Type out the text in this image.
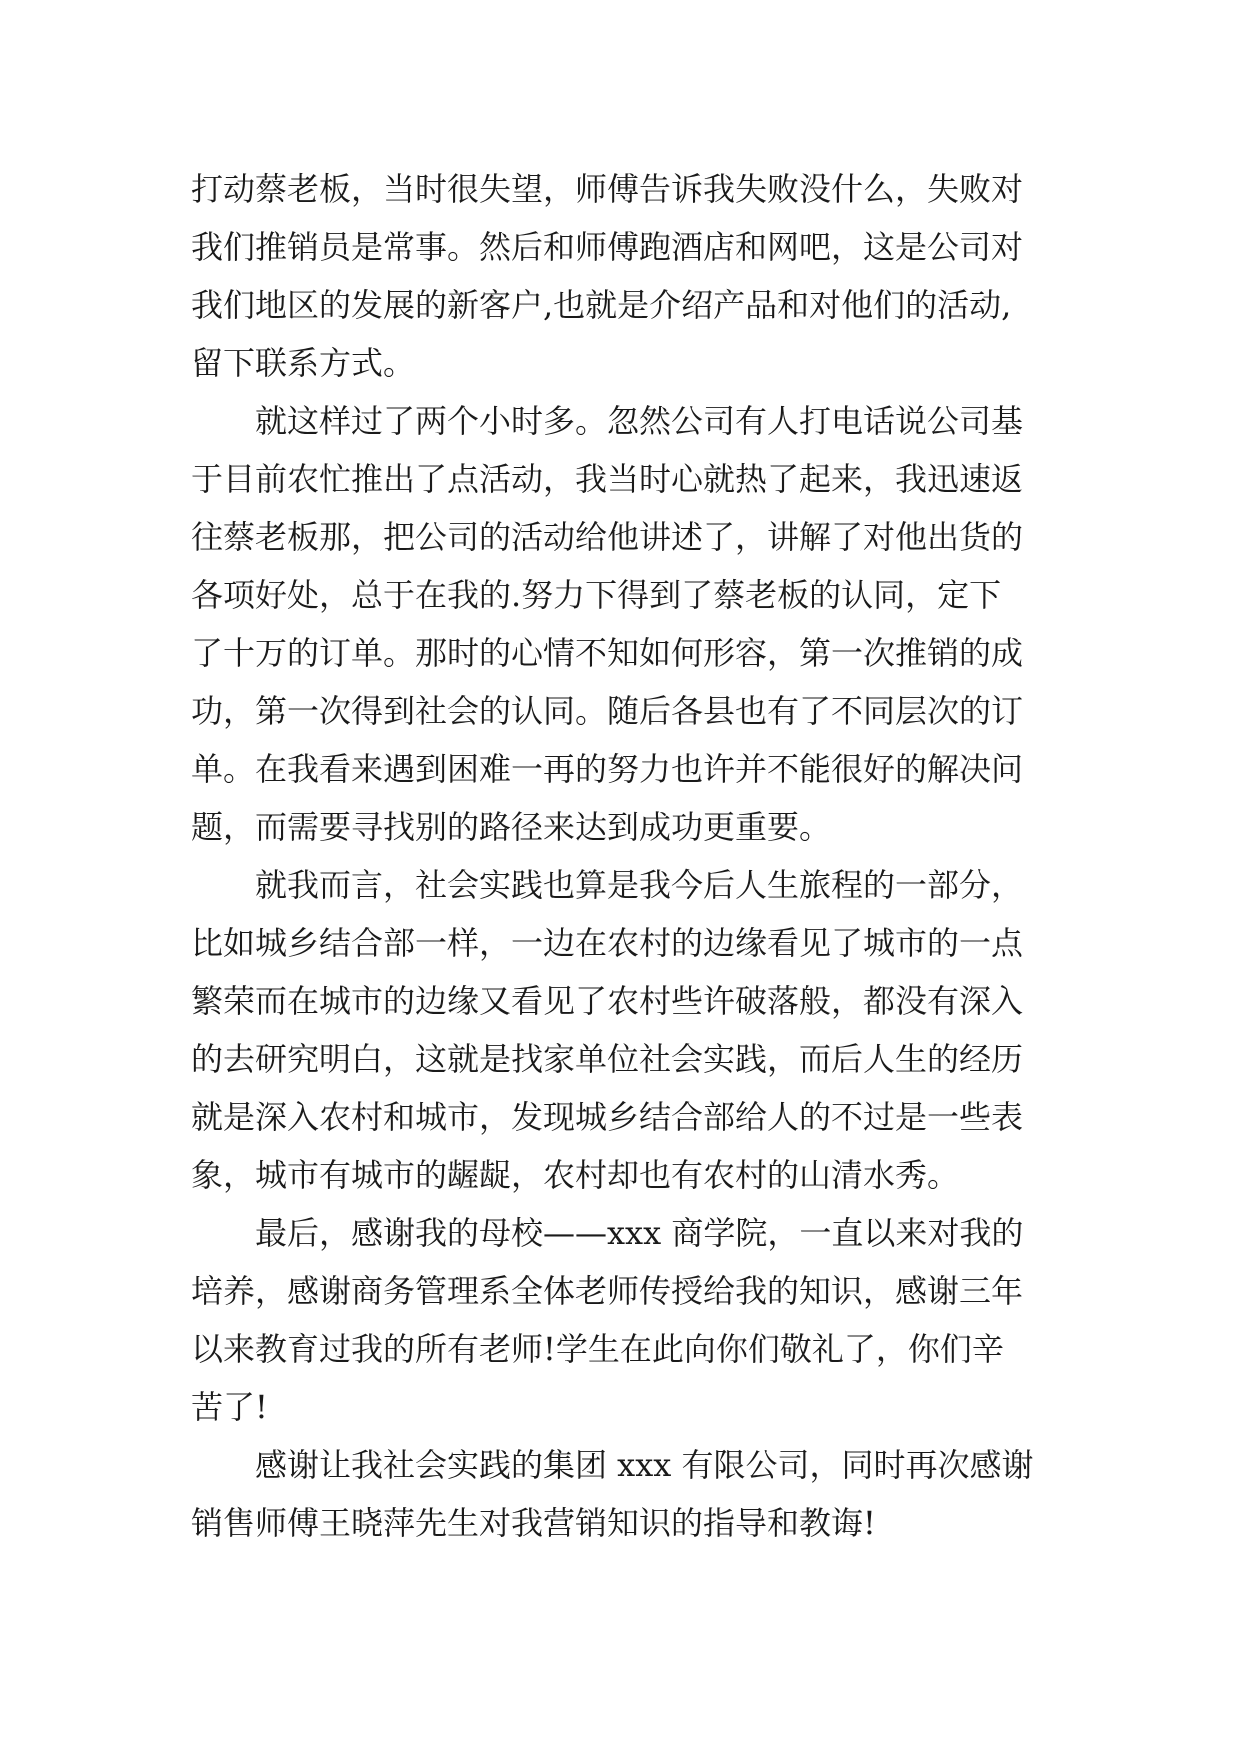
打动蔡老板，当时很失望，师傅告诉我失败没什么，失败对
我们推销员是常事。然后和师傅跑酒店和网吧，这是公司对
我们地区的发展的新客户,也就是介绍产品和对他们的活动,
留下联系方式。
就这样过了两个小时多。忽然公司有人打电话说公司基
于目前农忙推出了点活动，我当时心就热了起来，我迅速返
往蔡老板那，把公司的活动给他讲述了，讲解了对他出货的
各项好处，总于在我的.努力下得到了蔡老板的认同，定下
了十万的订单。那时的心情不知如何形容，第一次推销的成
功，第一次得到社会的认同。随后各县也有了不同层次的订
单。在我看来遇到困难一再的努力也许并不能很好的解决问
题，而需要寻找别的路径来达到成功更重要。
就我而言，社会实践也算是我今后人生旅程的一部分，
比如城乡结合部一样，一边在农村的边缘看见了城市的一点
繁荣而在城市的边缘又看见了农村些许破落般，都没有深入
的去研究明白，这就是找家单位社会实践，而后人生的经历
就是深入农村和城市，发现城乡结合部给人的不过是一些表
象，城市有城市的龌龊，农村却也有农村的山清水秀。
最后，感谢我的母校——xxx 商学院，一直以来对我的
培养，感谢商务管理系全体老师传授给我的知识，感谢三年
以来教育过我的所有老师!学生在此向你们敬礼了，你们辛
苦了!
感谢让我社会实践的集团 xxx 有限公司，同时再次感谢
销售师傅王晓萍先生对我营销知识的指导和教诲!
